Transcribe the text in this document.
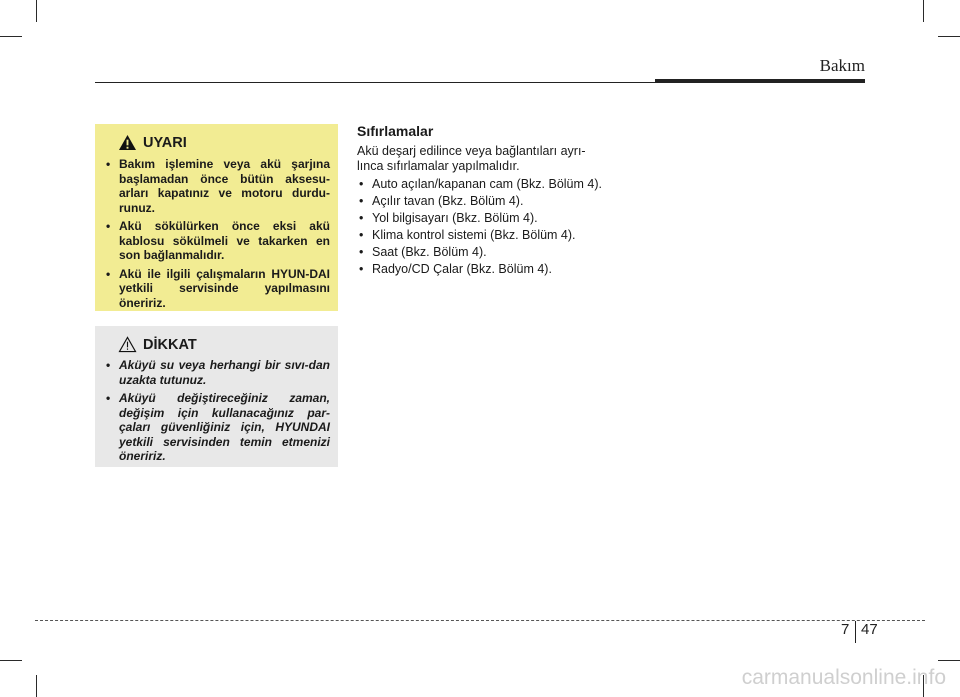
Bakım
UYARI
• Bakım işlemine veya akü şarjına başlamadan önce bütün aksesu-arları kapatınız ve motoru durdu-runuz.
• Akü sökülürken önce eksi akü kablosu sökülmeli ve takarken en son bağlanmalıdır.
• Akü ile ilgili çalışmaların HYUN-DAI yetkili servisinde yapılmasını öneririz.
DİKKAT
• Aküyü su veya herhangi bir sıvı-dan uzakta tutunuz.
• Aküyü değiştireceğiniz zaman, değişim için kullanacağınız par-çaları güvenliğiniz için, HYUNDAI yetkili servisinden temin etmenizi öneririz.
Sıfırlamalar

Akü deşarj edilince veya bağlantıları ayrı-lınca sıfırlamalar yapılmalıdır.

• Auto açılan/kapanan cam (Bkz. Bölüm 4).
• Açılır tavan (Bkz. Bölüm 4).
• Yol bilgisayarı (Bkz. Bölüm 4).
• Klima kontrol sistemi (Bkz. Bölüm 4).
• Saat (Bkz. Bölüm 4).
• Radyo/CD Çalar (Bkz. Bölüm 4).
7 47
carmanualsonline.info
